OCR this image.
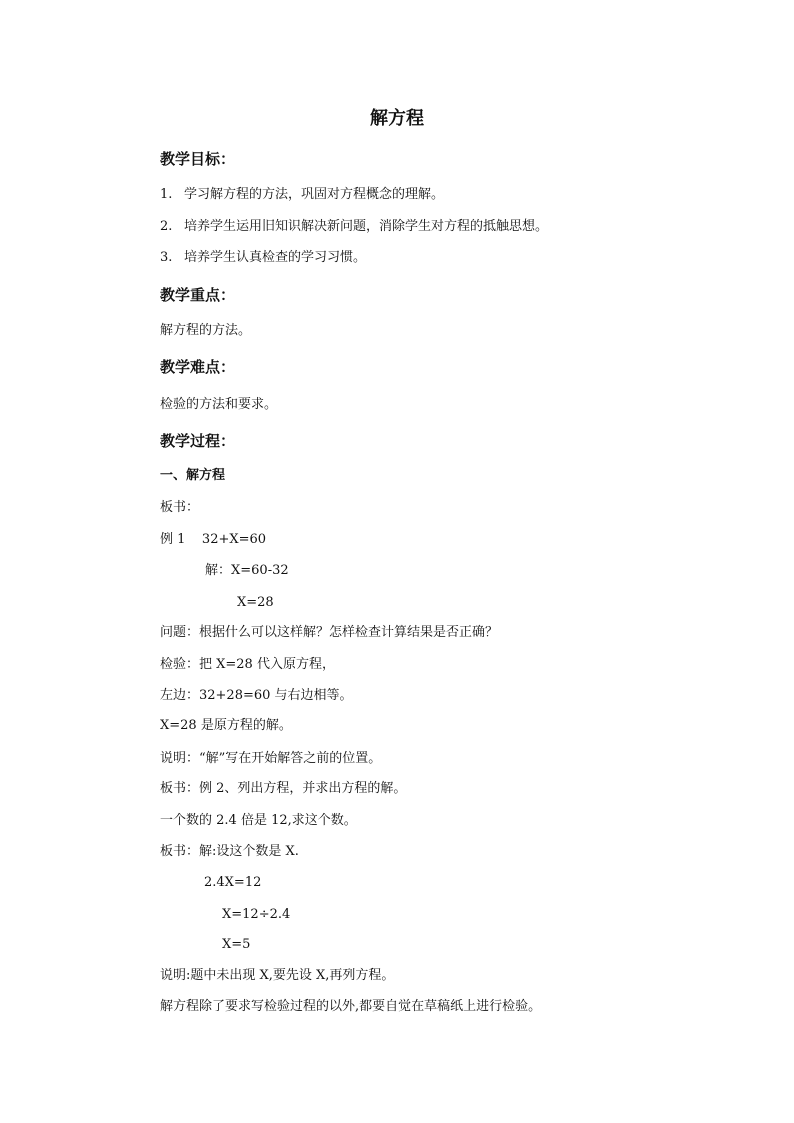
解方程
教学目标：
1. 学习解方程的方法，巩固对方程概念的理解。
2. 培养学生运用旧知识解决新问题，消除学生对方程的抵触思想。
3. 培养学生认真检查的学习习惯。
教学重点：
解方程的方法。
教学难点：
检验的方法和要求。
教学过程：
一、解方程
板书：
例 1    32+X=60
解：X=60-32
X=28
问题：根据什么可以这样解？怎样检查计算结果是否正确？
检验：把 X=28 代入原方程，
左边：32+28=60 与右边相等。
X=28 是原方程的解。
说明：“解”写在开始解答之前的位置。
板书：例 2、列出方程，并求出方程的解。
一个数的 2.4 倍是 12,求这个数。
板书：解:设这个数是 X.
2.4X=12
X=12÷2.4
X=5
说明:题中未出现 X,要先设 X,再列方程。
解方程除了要求写检验过程的以外,都要自觉在草稿纸上进行检验。
